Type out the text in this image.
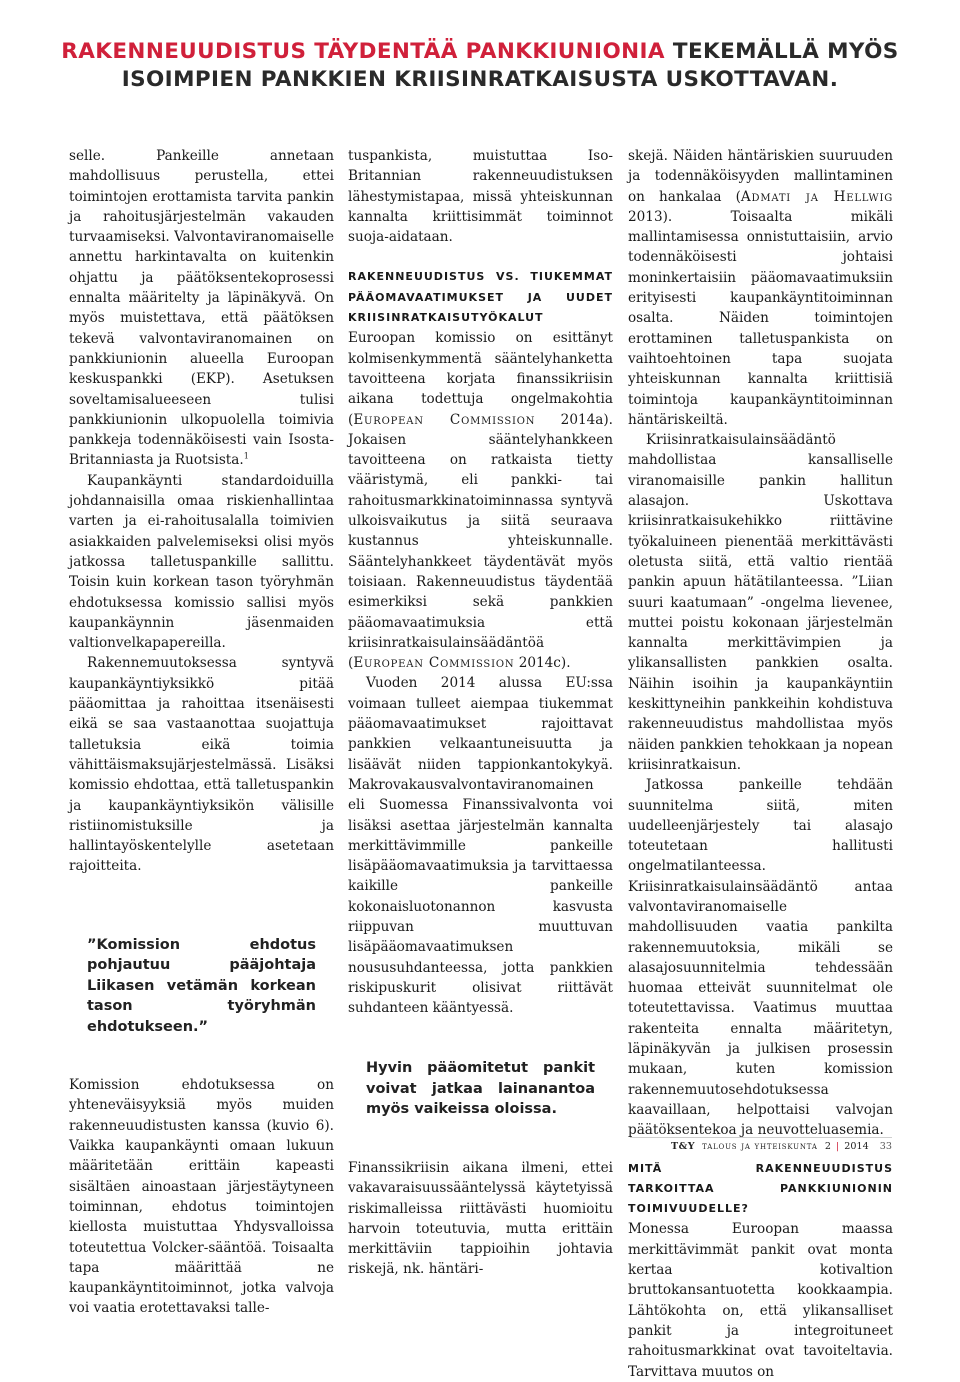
RAKENNEUUDISTUS TÄYDENTÄÄ PANKKIUNIONIA TEKEMÄLLÄ MYÖS
ISOIMPIEN PANKKIEN KRIISINRATKAISUSTA USKOTTAVAN.

selle. Pankeille annetaan mahdollisuus perustella, ettei toimintojen erottamista tarvita pankin ja rahoitusjärjestelmän vakauden turvaamiseksi. Valvontaviranomaiselle annettu harkintavalta on kuitenkin ohjattu ja päätöksentekoprosessi ennalta määritelty ja läpinäkyvä. On myös muistettava, että päätöksen tekevä valvontaviranomainen on pankkiunionin alueella Euroopan keskuspankki (EKP). Asetuksen soveltamisalueeseen tulisi pankkiunionin ulkopuolella toimivia pankkeja todennäköisesti vain Isosta-Britanniasta ja Ruotsista.$^1$

Kaupankäynti standardoiduilla johdannaisilla omaa riskienhallintaa varten ja ei-rahoitusalalla toimivien asiakkaiden palvelemiseksi olisi myös jatkossa talletuspankille sallittu. Toisin kuin korkean tason työryhmän ehdotuksessa komissio sallisi myös kaupankäynnin jäsenmaiden valtionvelkapapereilla.

Rakennemuutoksessa syntyvä kaupankäyntiyksikkö pitää pääomittaa ja rahoittaa itsenäisesti eikä se saa vastaanottaa suojattuja talletuksia eikä toimia vähittäismaksujärjestelmässä. Lisäksi komissio ehdottaa, että talletuspankin ja kaupankäyntiyksikön välisille ristiinomistuksille ja hallintayöskentelylle asetetaan rajoitteita.

”Komission ehdotus pohjautuu pääjohtaja Liikasen vetämän korkean tason työryhmän ehdotukseen.”

Komission ehdotuksessa on yhteneväisyyksiä myös muiden rakenneuudistusten kanssa (kuvio 6). Vaikka kaupankäynti omaan lukuun määritetään erittäin kapeasti sisältäen ainoastaan järjestäytyneen toiminnan, ehdotus toimintojen kiellosta muistuttaa Yhdysvalloissa toteutettua Volcker-sääntöä. Toisaalta tapa määrittää ne kaupankäyntitoiminnot, jotka valvoja voi vaatia erotettavaksi talle-

tuspankista, muistuttaa Iso-Britannian rakenneuudistuksen lähestymistapaa, missä yhteiskunnan kannalta kriittisimmät toiminnot suoja-aidataan.

RAKENNEUUDISTUS VS. TIUKEMMAT PÄÄOMAVAATIMUKSET JA UUDET KRIISINRATKAISUTYÖKALUT

Euroopan komissio on esittänyt kolmisenkymmentä sääntelyhanketta tavoitteena korjata finanssikriisin aikana todettuja ongelmakohtia (European Commission 2014a). Jokaisen sääntelyhankkeen tavoitteena on ratkaista tietty vääristymä, eli pankki- tai rahoitusmarkkinatoiminnassa syntyvä ulkoisvaikutus ja siitä seuraava kustannus yhteiskunnalle. Sääntelyhankkeet täydentävät myös toisiaan. Rakenneuudistus täydentää esimerkiksi sekä pankkien pääomavaatimuksia että kriisinratkaisulainsäädäntöä (European Commission 2014c).

Vuoden 2014 alussa EU:ssa voimaan tulleet aiempaa tiukemmat pääomavaatimukset rajoittavat pankkien velkaantuneisuutta ja lisäävät niiden tappionkantokykyä. Makrovakausvalvontaviranomainen eli Suomessa Finanssivalvonta voi lisäksi asettaa järjestelmän kannalta merkittävimmille pankeille lisäpääomavaatimuksia ja tarvittaessa kaikille pankeille kokonaisluotonannon kasvusta riippuvan muuttuvan lisäpääomavaatimuksen noususuhdanteessa, jotta pankkien riskipuskurit olisivat riittävät suhdanteen kääntyessä.

Hyvin pääomitetut pankit voivat jatkaa lainanantoa myös vaikeissa oloissa.

Finanssikriisin aikana ilmeni, ettei vakavaraisuussääntelyssä käytetyissä riskimalleissa riittävästi huomioitu harvoin toteutuvia, mutta erittäin merkittäviin tappioihin johtavia riskejä, nk. häntäri-

skejä. Näiden häntäriskien suuruuden ja todennäköisyyden mallintaminen on hankalaa (Admati ja Hellwig 2013). Toisaalta mikäli mallintamisessa onnistuttaisiin, arvio todennäköisesti johtaisi moninkertaisiin pääomavaatimuksiin erityisesti kaupankäyntitoiminnan osalta. Näiden toimintojen erottaminen talletuspankista on vaihtoehtoinen tapa suojata yhteiskunnan kannalta kriittisiä toimintoja kaupankäyntitoiminnan häntäriskeiltä.

Kriisinratkaisulainsäädäntö mahdollistaa kansalliselle viranomaisille pankin hallitun alasajon. Uskottava kriisinratkaisukehikko riittävine työkaluineen pienentää merkittävästi oletusta siitä, että valtio rientää pankin apuun hätätilanteessa. ”Liian suuri kaatumaan” -ongelma lievenee, muttei poistu kokonaan järjestelmän kannalta merkittävimpien ja ylikansallisten pankkien osalta. Näihin isoihin ja kaupankäyntiin keskittyneihin pankkeihin kohdistuva rakenneuudistus mahdollistaa myös näiden pankkien tehokkaan ja nopean kriisinratkaisun.

Jatkossa pankeille tehdään suunnitelma siitä, miten uudelleenjärjestely tai alasajo toteutetaan hallitusti ongelmatilanteessa. Kriisinratkaisulainsäädäntö antaa valvontaviranomaiselle mahdollisuuden vaatia pankilta rakennemuutoksia, mikäli se alasajosuunnitelmia tehdessään huomaa etteivät suunnitelmat ole toteutettavissa. Vaatimus muuttaa rakenteita ennalta määritetyn, läpinäkyvän ja julkisen prosessin mukaan, kuten komission rakennemuutosehdotuksessa kaavaillaan, helpottaisi valvojan päätöksentekoa ja neuvotteluasemia.

MITÄ RAKENNEUUDISTUS TARKOITTAA PANKKIUNIONIN TOIMIVUUDELLE?

Monessa Euroopan maassa merkittävimmät pankit ovat monta kertaa kotivaltion bruttokansantuotetta kookkaampia. Lähtökohta on, että ylikansalliset pankit ja integroituneet rahoitusmarkkinat ovat tavoiteltavia. Tarvittava muutos on

T&Y talous ja yhteiskunta 2 | 2014 33
